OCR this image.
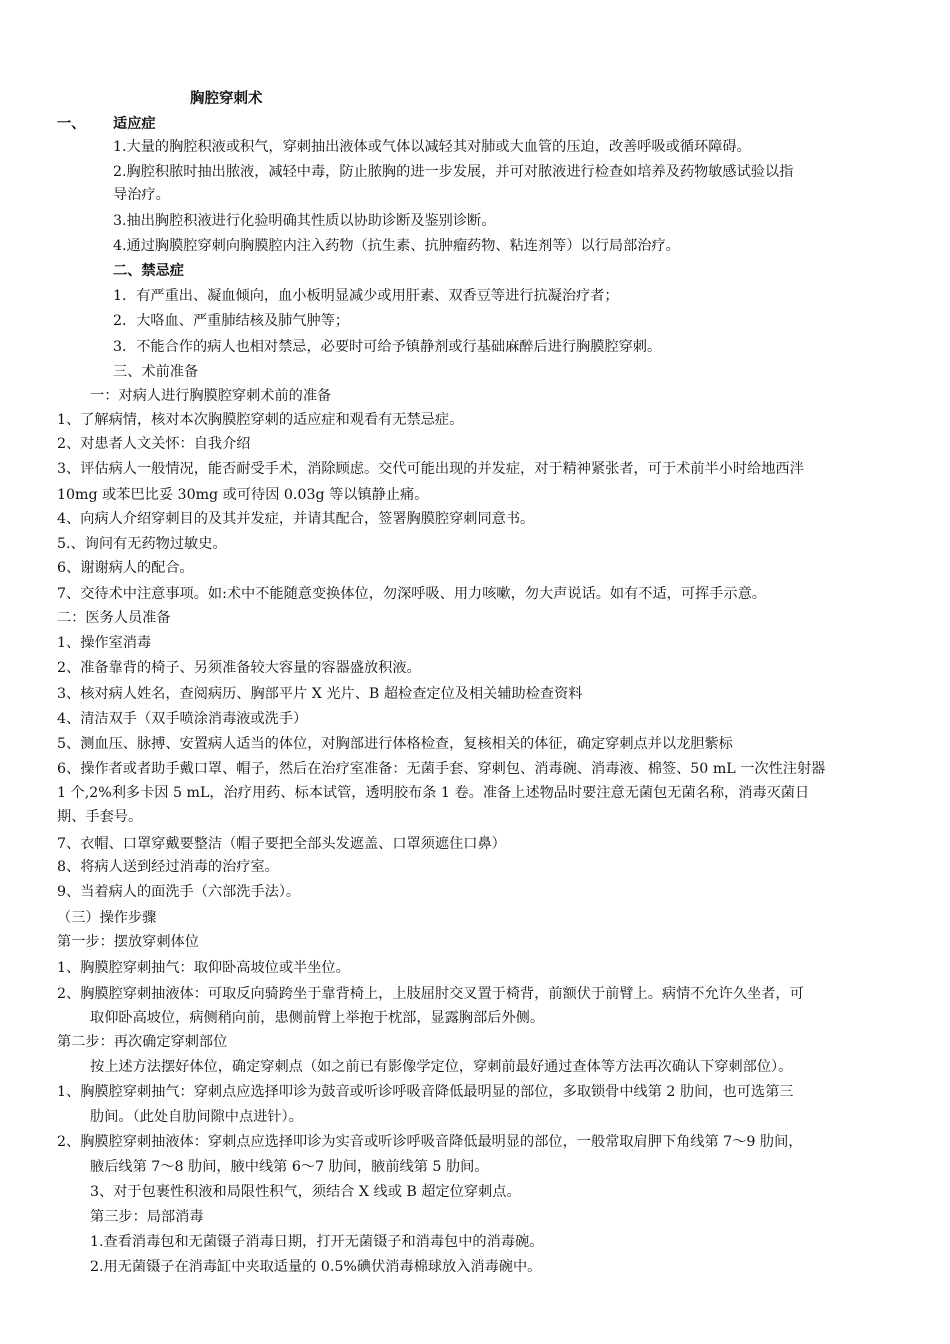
胸腔穿刺术
一、 适应症
1.大量的胸腔积液或积气，穿刺抽出液体或气体以减轻其对肺或大血管的压迫，改善呼吸或循环障碍。
2.胸腔积脓时抽出脓液，减轻中毒，防止脓胸的进一步发展，并可对脓液进行检查如培养及药物敏感试验以指
导治疗。
3.抽出胸腔积液进行化验明确其性质以协助诊断及鉴别诊断。
4.通过胸膜腔穿刺向胸膜腔内注入药物（抗生素、抗肿瘤药物、粘连剂等）以行局部治疗。
二、禁忌症
1．有严重出、凝血倾向，血小板明显减少或用肝素、双香豆等进行抗凝治疗者；
2．大咯血、严重肺结核及肺气肿等；
3．不能合作的病人也相对禁忌，必要时可给予镇静剂或行基础麻醉后进行胸膜腔穿刺。
三、术前准备
一：对病人进行胸膜腔穿刺术前的准备
1、了解病情，核对本次胸膜腔穿刺的适应症和观看有无禁忌症。
2、对患者人文关怀：自我介绍
3、评估病人一般情况，能否耐受手术，消除顾虑。交代可能出现的并发症，对于精神紧张者，可于术前半小时给地西泮
10mg 或苯巴比妥 30mg 或可待因 0.03g 等以镇静止痛。
4、向病人介绍穿刺目的及其并发症，并请其配合，签署胸膜腔穿刺同意书。
5.、询问有无药物过敏史。
6、谢谢病人的配合。
7、交待术中注意事项。如:术中不能随意变换体位，勿深呼吸、用力咳嗽，勿大声说话。如有不适，可挥手示意。
二：医务人员准备
1、操作室消毒
2、准备靠背的椅子、另须准备较大容量的容器盛放积液。
3、核对病人姓名，查阅病历、胸部平片 X 光片、B 超检查定位及相关辅助检查资料
4、清洁双手（双手喷涂消毒液或洗手）
5、测血压、脉搏、安置病人适当的体位，对胸部进行体格检查，复核相关的体征，确定穿刺点并以龙胆紫标
6、操作者或者助手戴口罩、帽子，然后在治疗室准备：无菌手套、穿刺包、消毒碗、消毒液、棉签、50 mL 一次性注射器
1 个,2%利多卡因 5 mL，治疗用药、标本试管，透明胶布条 1 卷。准备上述物品时要注意无菌包无菌名称，消毒灭菌日
期、手套号。
7、衣帽、口罩穿戴要整洁（帽子要把全部头发遮盖、口罩须遮住口鼻）
8、将病人送到经过消毒的治疗室。
9、当着病人的面洗手（六部洗手法）。
（三）操作步骤
第一步：摆放穿刺体位
1、胸膜腔穿刺抽气：取仰卧高坡位或半坐位。
2、胸膜腔穿刺抽液体：可取反向骑跨坐于靠背椅上，上肢屈肘交叉置于椅背，前额伏于前臂上。病情不允许久坐者，可
取仰卧高坡位，病侧稍向前，患侧前臂上举抱于枕部，显露胸部后外侧。
第二步：再次确定穿刺部位
按上述方法摆好体位，确定穿刺点（如之前已有影像学定位，穿刺前最好通过查体等方法再次确认下穿刺部位）。
1、胸膜腔穿刺抽气：穿刺点应选择叩诊为鼓音或听诊呼吸音降低最明显的部位，多取锁骨中线第 2 肋间，也可选第三
肋间。（此处自肋间隙中点进针）。
2、胸膜腔穿刺抽液体：穿刺点应选择叩诊为实音或听诊呼吸音降低最明显的部位，一般常取肩胛下角线第 7～9 肋间，
腋后线第 7～8 肋间，腋中线第 6～7 肋间，腋前线第 5 肋间。
3、对于包裹性积液和局限性积气，须结合 X 线或 B 超定位穿刺点。
第三步：局部消毒
1.查看消毒包和无菌镊子消毒日期，打开无菌镊子和消毒包中的消毒碗。
2.用无菌镊子在消毒缸中夹取适量的 0.5%碘伏消毒棉球放入消毒碗中。
